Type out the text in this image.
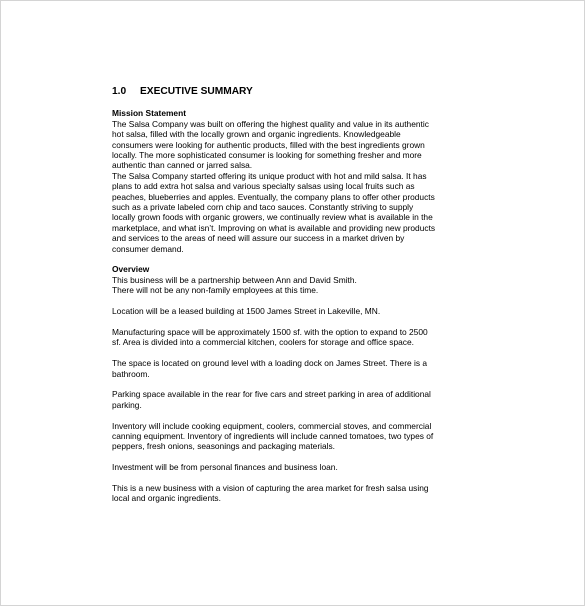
1.0 EXECUTIVE SUMMARY
Mission Statement
The Salsa Company was built on offering the highest quality and value in its authentic
hot salsa, filled with the locally grown and organic ingredients. Knowledgeable
consumers were looking for authentic products, filled with the best ingredients grown
locally. The more sophisticated consumer is looking for something fresher and more
authentic than canned or jarred salsa.
The Salsa Company started offering its unique product with hot and mild salsa. It has
plans to add extra hot salsa and various specialty salsas using local fruits such as
peaches, blueberries and apples. Eventually, the company plans to offer other products
such as a private labeled corn chip and taco sauces. Constantly striving to supply
locally grown foods with organic growers, we continually review what is available in the
marketplace, and what isn’t. Improving on what is available and providing new products
and services to the areas of need will assure our success in a market driven by
consumer demand.
Overview
This business will be a partnership between Ann and David Smith.
There will not be any non-family employees at this time.
Location will be a leased building at 1500 James Street in Lakeville, MN.
Manufacturing space will be approximately 1500 sf. with the option to expand to 2500
sf. Area is divided into a commercial kitchen, coolers for storage and office space.
The space is located on ground level with a loading dock on James Street. There is a
bathroom.
Parking space available in the rear for five cars and street parking in area of additional
parking.
Inventory will include cooking equipment, coolers, commercial stoves, and commercial
canning equipment. Inventory of ingredients will include canned tomatoes, two types of
peppers, fresh onions, seasonings and packaging materials.
Investment will be from personal finances and business loan.
This is a new business with a vision of capturing the area market for fresh salsa using
local and organic ingredients.
